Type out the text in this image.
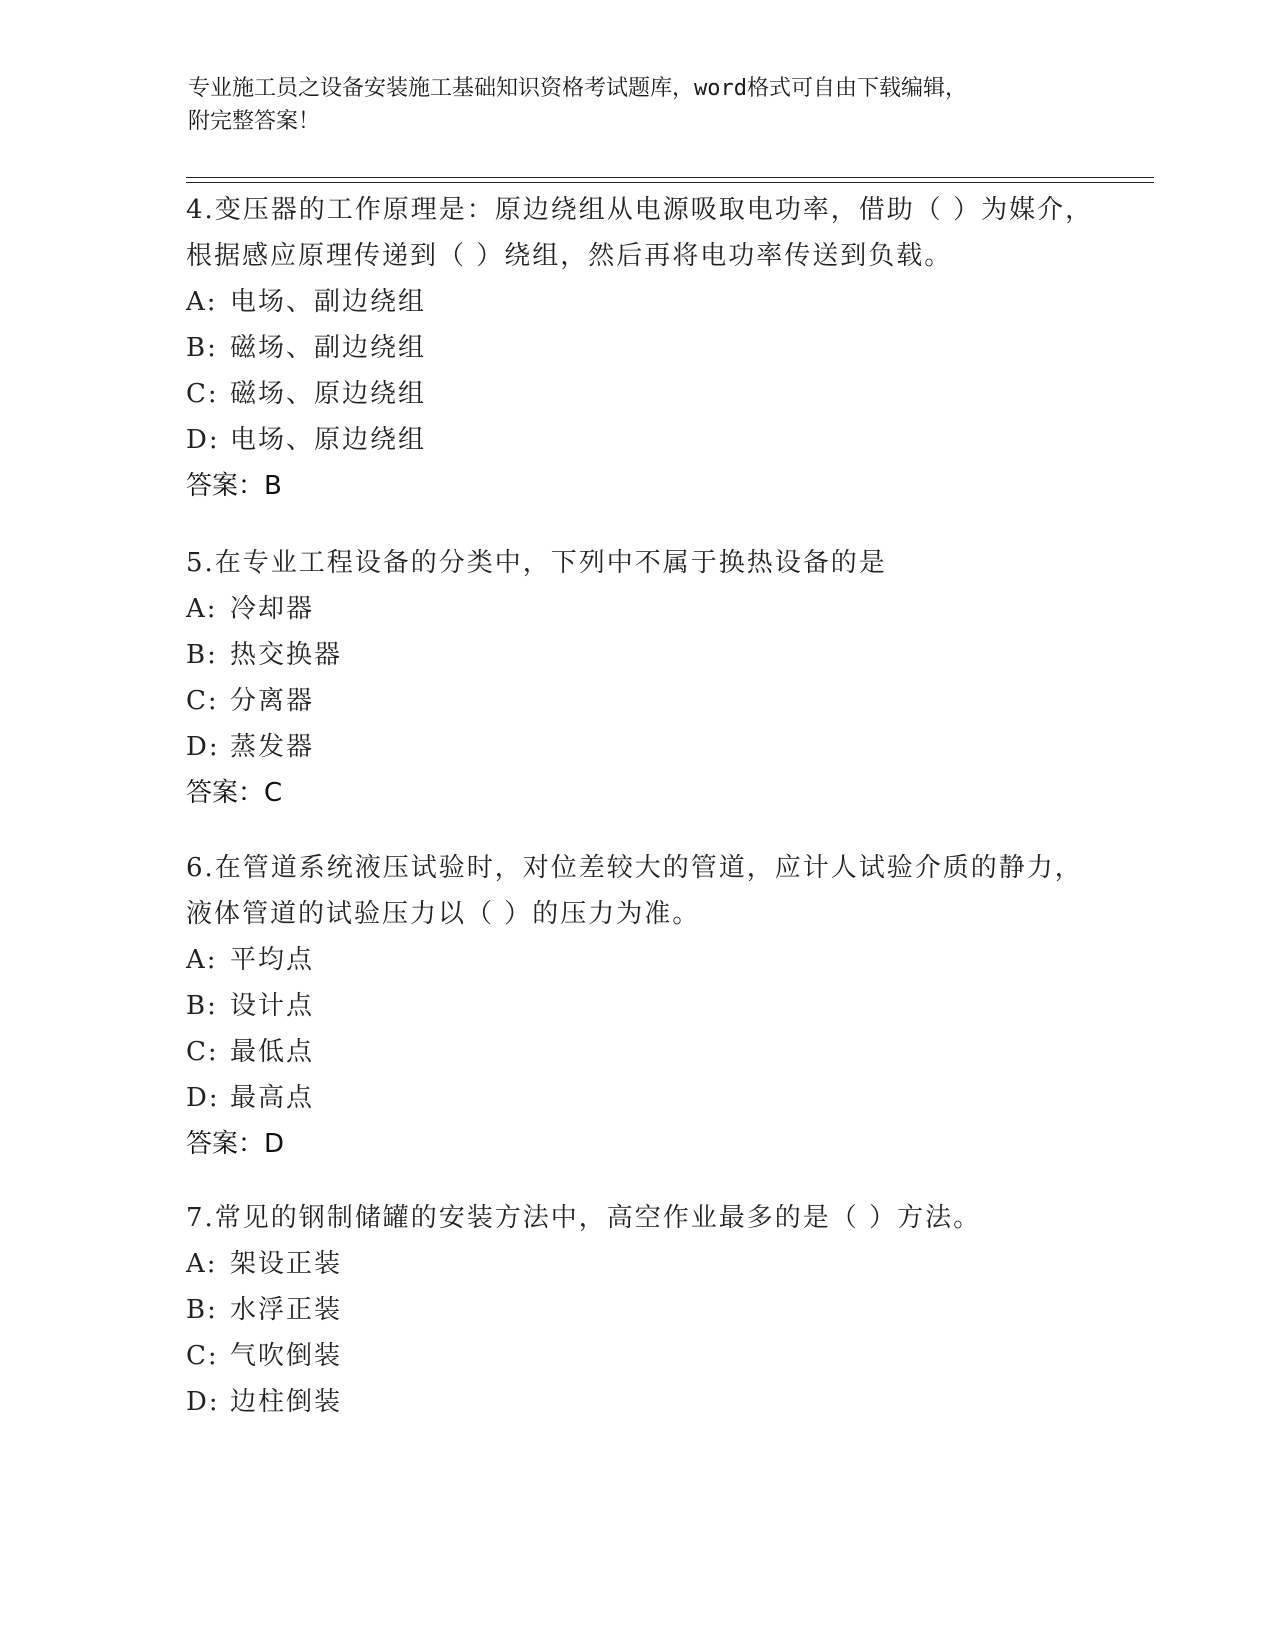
专业施工员之设备安装施工基础知识资格考试题库，word格式可自由下载编辑，
附完整答案！
4.变压器的工作原理是：原边绕组从电源吸取电功率，借助（ ）为媒介，根据感应原理传递到（ ）绕组，然后再将电功率传送到负载。
A: 电场、副边绕组
B: 磁场、副边绕组
C: 磁场、原边绕组
D: 电场、原边绕组
答案：B
5.在专业工程设备的分类中，下列中不属于换热设备的是
A: 冷却器
B: 热交换器
C: 分离器
D: 蒸发器
答案：C
6.在管道系统液压试验时，对位差较大的管道，应计人试验介质的静力，液体管道的试验压力以（ ）的压力为准。
A: 平均点
B: 设计点
C: 最低点
D: 最高点
答案：D
7.常见的钢制储罐的安装方法中，高空作业最多的是（ ）方法。
A: 架设正装
B: 水浮正装
C: 气吹倒装
D: 边柱倒装
